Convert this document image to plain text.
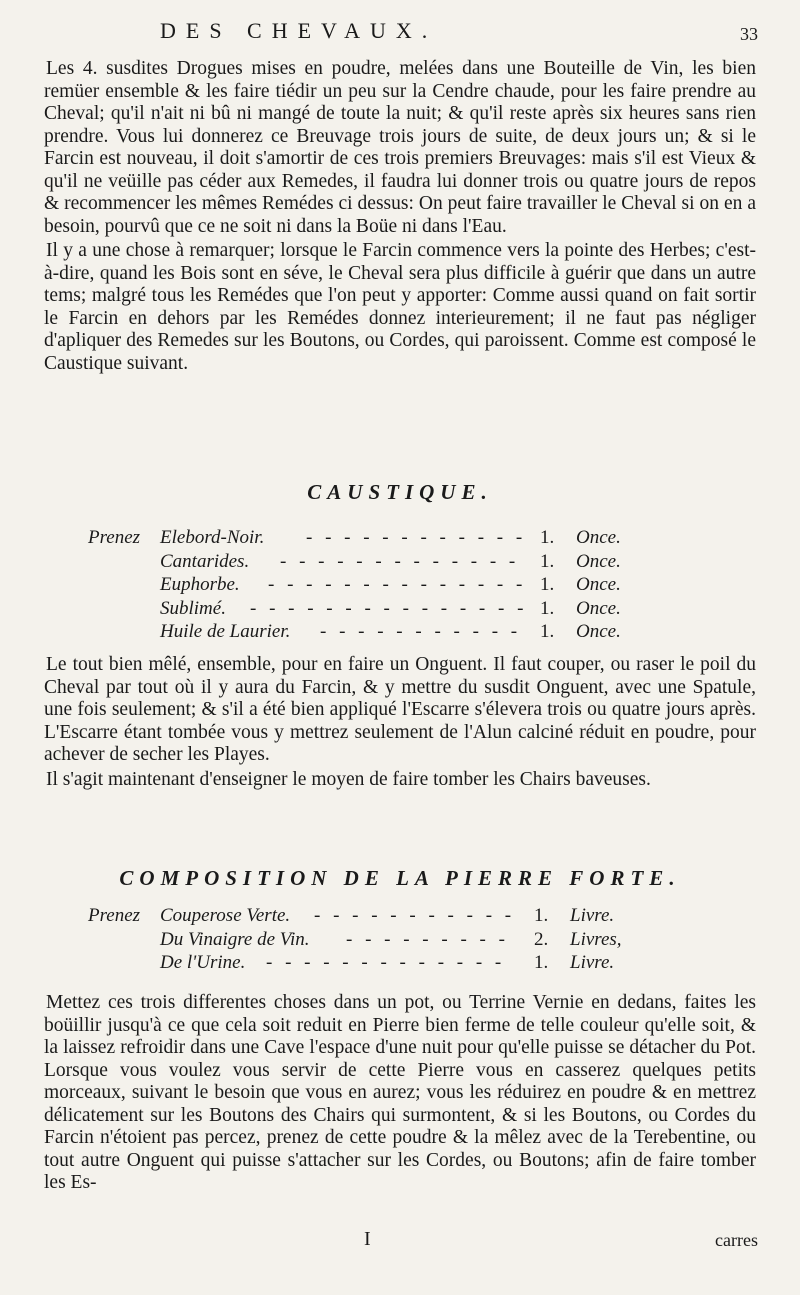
DES CHEVAUX.	33

Les 4. susdites Drogues mises en poudre, melées dans une Bouteille de Vin, les bien remüer ensemble & les faire tiédir un peu sur la Cendre chaude, pour les faire prendre au Cheval; qu'il n'ait ni bû ni mangé de toute la nuit; & qu'il reste après six heures sans rien prendre. Vous lui donnerez ce Breuvage trois jours de suite, de deux jours un; & si le Farcin est nouveau, il doit s'amortir de ces trois premiers Breuvages: mais s'il est Vieux & qu'il ne veüille pas céder aux Remedes, il faudra lui donner trois ou quatre jours de repos & recommencer les mêmes Remédes ci dessus: On peut faire travailler le Cheval si on en a besoin, pourvû que ce ne soit ni dans la Boüe ni dans l'Eau.

Il y a une chose à remarquer; lorsque le Farcin commence vers la pointe des Herbes; c'est-à-dire, quand les Bois sont en séve, le Cheval sera plus difficile à guérir que dans un autre tems; malgré tous les Remédes que l'on peut y apporter: Comme aussi quand on fait sortir le Farcin en dehors par les Remédes donnez interieurement; il ne faut pas négliger d'apliquer des Remedes sur les Boutons, ou Cordes, qui paroissent. Comme est composé le Caustique suivant.

CAUSTIQUE.
Prenez Elebord-Noir. - - - - - - - - - - - - 1. Once.
Cantarides. - - - - - - - - - - - - - 1. Once.
Euphorbe. - - - - - - - - - - - - - - 1. Once.
Sublimé. - - - - - - - - - - - - - - - 1. Once.
Huile de Laurier. - - - - - - - - - - - 1. Once.

Le tout bien mêlé, ensemble, pour en faire un Onguent. Il faut couper, ou raser le poil du Cheval par tout où il y aura du Farcin, & y mettre du susdit Onguent, avec une Spatule, une fois seulement; & s'il a été bien appliqué l'Escarre s'élevera trois ou quatre jours après. L'Escarre étant tombée vous y mettrez seulement de l'Alun calciné réduit en poudre, pour achever de secher les Playes.

Il s'agit maintenant d'enseigner le moyen de faire tomber les Chairs baveuses.

COMPOSITION DE LA PIERRE FORTE.
Prenez Couperose Verte. - - - - - - - - - - - 1. Livre.
Du Vinaigre de Vin. - - - - - - - - - 2. Livres,
De l'Urine. - - - - - - - - - - - - - 1. Livre.

Mettez ces trois differentes choses dans un pot, ou Terrine Vernie en dedans, faites les boüillir jusqu'à ce que cela soit reduit en Pierre bien ferme de telle couleur qu'elle soit, & la laissez refroidir dans une Cave l'espace d'une nuit pour qu'elle puisse se détacher du Pot. Lorsque vous voulez vous servir de cette Pierre vous en casserez quelques petits morceaux, suivant le besoin que vous en aurez; vous les réduirez en poudre & en mettrez délicatement sur les Boutons des Chairs qui surmontent, & si les Boutons, ou Cordes du Farcin n'étoient pas percez, prenez de cette poudre & la mêlez avec de la Terebentine, ou tout autre Onguent qui puisse s'attacher sur les Cordes, ou Boutons; afin de faire tomber les Es-

I	carres
